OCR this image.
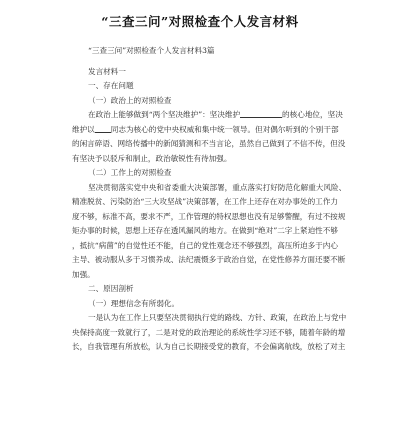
“三查三问”对照检查个人发言材料

“三查三问”对照检查个人发言材料3篇

发言材料一

一、存在问题

（一）政治上的对照检查

在政治上能够做到“两个坚决维护”：坚决维护	的核心地位，坚决

维护以 同志为核心的党中央权威和集中统一领导。但对偶尔听到的个别干部

的闲言碎语、网络传播中的新闻猜测和不当言论，虽然自己做到了不信不传，但没

有坚决予以驳斥和制止，政治敏锐性有待加强。

（二）工作上的对照检查

坚决贯彻落实党中央和省委重大决策部署，重点落实打好防范化解重大风险、

精准脱贫、污染防治“三大攻坚战”决策部署，在工作上还存在对办事处的工作力

度不够，标准不高，要求不严，工作管理的特权思想也没有足够警醒，有过不按规

矩办事的时候，思想上还存在透风漏风的地方。在做到“绝对”二字上紧迫性不够

，抵抗“病菌”的自觉性还不能，自己的党性观念还不够强烈，高压所迫多于内心

主导、被动服从多于习惯养成、法纪震慑多于政治自觉，在党性修养方面还要不断

加强。

二、原因剖析

（一）理想信念有所弱化。

一是认为在工作上只要坚决贯彻执行党的路线、方针、政策，在政治上与党中

央保持高度一致就行了，二是对党的政治理论的系统性学习还不够，随着年龄的增

长，自我管理有所放松，认为自己长期接受党的教育，不会偏离航线，放松了对主
